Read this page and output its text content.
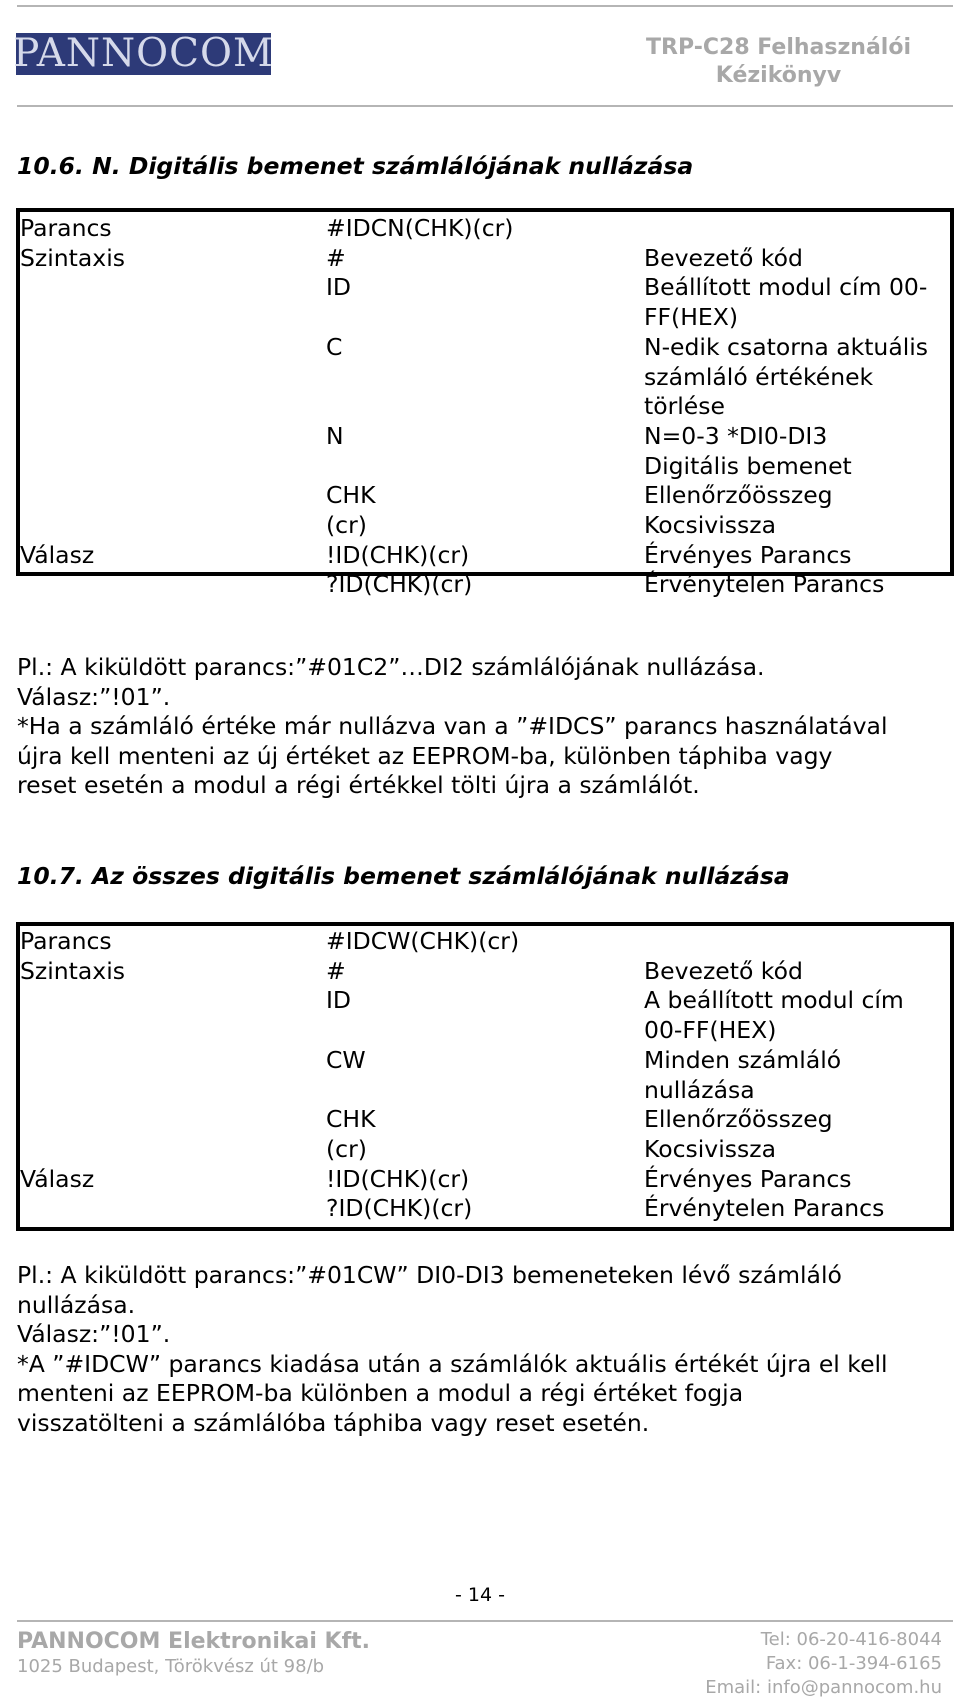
PANNOCOM	TRP-C28 Felhasználói
Kézikönyv
10.6. N. Digitális bemenet számlálójának nullázása
Parancs	#IDCN(CHK)(cr)
Szintaxis	#	Bevezető kód
ID	Beállított modul cím 00-
FF(HEX)
C	N-edik csatorna aktuális
számláló értékének
törlése
N	N=0-3 *DI0-DI3
Digitális bemenet
CHK	Ellenőrzőösszeg
(cr)	Kocsivissza
Válasz	!ID(CHK)(cr)	Érvényes Parancs
?ID(CHK)(cr)	Érvénytelen Parancs
Pl.: A kiküldött parancs:”#01C2”…DI2 számlálójának nullázása.
Válasz:”!01”.
*Ha a számláló értéke már nullázva van a ”#IDCS” parancs használatával
újra kell menteni az új értéket az EEPROM-ba, különben táphiba vagy
reset esetén a modul a régi értékkel tölti újra a számlálót.
10.7. Az összes digitális bemenet számlálójának nullázása
Parancs	#IDCW(CHK)(cr)
Szintaxis	#	Bevezető kód
ID	A beállított modul cím
00-FF(HEX)
CW	Minden számláló
nullázása
CHK	Ellenőrzőösszeg
(cr)	Kocsivissza
Válasz	!ID(CHK)(cr)	Érvényes Parancs
?ID(CHK)(cr)	Érvénytelen Parancs
Pl.: A kiküldött parancs:”#01CW” DI0-DI3 bemeneteken lévő számláló
nullázása.
Válasz:”!01”.
*A ”#IDCW” parancs kiadása után a számlálók aktuális értékét újra el kell
menteni az EEPROM-ba különben a modul a régi értéket fogja
visszatölteni a számlálóba táphiba vagy reset esetén.
- 14 -
PANNOCOM Elektronikai Kft.
1025 Budapest, Törökvész út 98/b
Tel: 06-20-416-8044
Fax: 06-1-394-6165
Email: info@pannocom.hu
